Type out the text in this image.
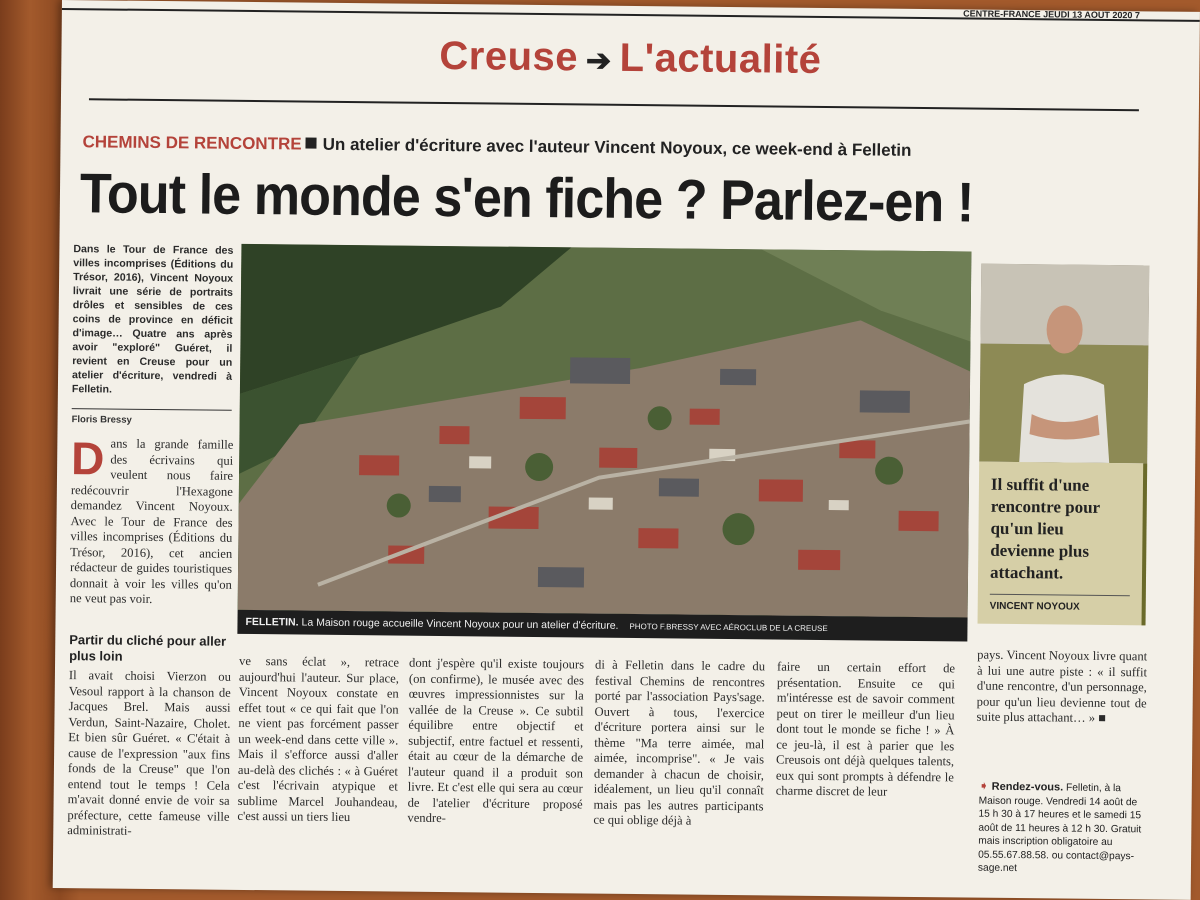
CENTRE-FRANCE JEUDI 13 AOÛT 2020 7
Creuse ➔ L'actualité
CHEMINS DE RENCONTRE Un atelier d'écriture avec l'auteur Vincent Noyoux, ce week-end à Felletin
Tout le monde s'en fiche ? Parlez-en !
Dans le Tour de France des villes incomprises (Éditions du Trésor, 2016), Vincent Noyoux livrait une série de portraits drôles et sensibles de ces coins de province en déficit d'image… Quatre ans après avoir "exploré" Guéret, il revient en Creuse pour un atelier d'écriture, vendredi à Felletin.
Floris Bressy
Dans la grande famille des écrivains qui veulent nous faire redécouvrir l'Hexagone demandez Vincent Noyoux. Avec le Tour de France des villes incomprises (Éditions du Trésor, 2016), cet ancien rédacteur de guides touristiques donnait à voir les villes qu'on ne veut pas voir.
Partir du cliché pour aller plus loin
Il avait choisi Vierzon ou Vesoul rapport à la chanson de Jacques Brel. Mais aussi Verdun, Saint-Nazaire, Cholet. Et bien sûr Guéret. « C'était à cause de l'expression "aux fins fonds de la Creuse" que l'on entend tout le temps ! Cela m'avait donné envie de voir sa préfecture, cette fameuse ville administrati-
ve sans éclat », retrace aujourd'hui l'auteur. Sur place, Vincent Noyoux constate en effet tout « ce qui fait que l'on ne vient pas forcément passer un week-end dans cette ville ». Mais il s'efforce aussi d'aller au-delà des clichés : « à Guéret c'est l'écrivain atypique et sublime Marcel Jouhandeau, c'est aussi un tiers lieu
dont j'espère qu'il existe toujours (on confirme), le musée avec des œuvres impressionnistes sur la vallée de la Creuse ». Ce subtil équilibre entre objectif et subjectif, entre factuel et ressenti, était au cœur de la démarche de l'auteur quand il a produit son livre. Et c'est elle qui sera au cœur de l'atelier d'écriture proposé vendre-
di à Felletin dans le cadre du festival Chemins de rencontres porté par l'association Pays'sage. Ouvert à tous, l'exercice d'écriture portera ainsi sur le thème "Ma terre aimée, mal aimée, incomprise". « Je vais demander à chacun de choisir, idéalement, un lieu qu'il connaît mais pas les autres participants ce qui oblige déjà à
faire un certain effort de présentation. Ensuite ce qui m'intéresse est de savoir comment peut on tirer le meilleur d'un lieu dont tout le monde se fiche ! » À ce jeu-là, il est à parier que les Creusois ont déjà quelques talents, eux qui sont prompts à défendre le charme discret de leur
pays. Vincent Noyoux livre quant à lui une autre piste : « il suffit d'une rencontre, d'un personnage, pour qu'un lieu devienne tout de suite plus attachant… » ■
FELLETIN. La Maison rouge accueille Vincent Noyoux pour un atelier d'écriture. PHOTO F.BRESSY AVEC AÉROCLUB DE LA CREUSE
Il suffit d'une rencontre pour qu'un lieu devienne plus attachant.
VINCENT NOYOUX
➧ Rendez-vous. Felletin, à la Maison rouge. Vendredi 14 août de 15 h 30 à 17 heures et le samedi 15 août de 11 heures à 12 h 30. Gratuit mais inscription obligatoire au 05.55.67.88.58. ou contact@pays-sage.net
